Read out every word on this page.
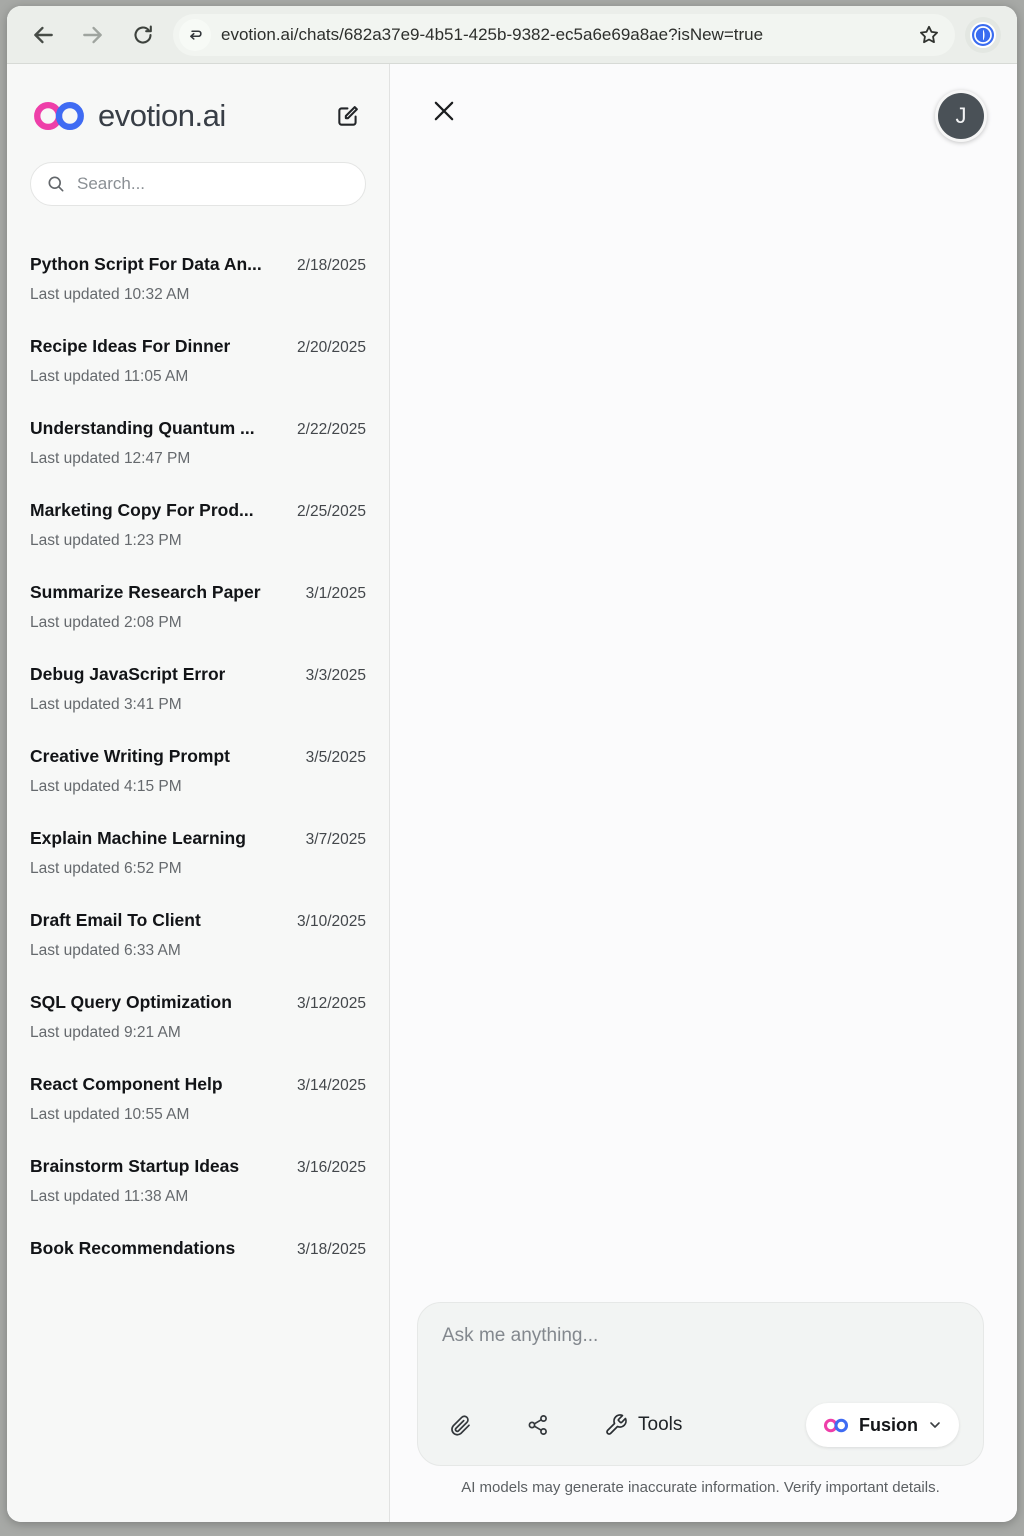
evotion.ai/chats/682a37e9-4b51-425b-9382-ec5a6e69a8ae?isNew=true
evotion.ai
Search...
Python Script For Data An... 2/18/2025
Last updated 10:32 AM
Recipe Ideas For Dinner	2/20/2025
Last updated 11:05 AM
Understanding Quantum ...	2/22/2025
Last updated 12:47 PM
Marketing Copy For Prod...	2/25/2025
Last updated 1:23 PM
Summarize Research Paper	3/1/2025
Last updated 2:08 PM
Debug JavaScript Error	3/3/2025
Last updated 3:41 PM
Creative Writing Prompt	3/5/2025
Last updated 4:15 PM
Explain Machine Learning	3/7/2025
Last updated 6:52 PM
Draft Email To Client	3/10/2025
Last updated 6:33 AM
SQL Query Optimization	3/12/2025
Last updated 9:21 AM
React Component Help	3/14/2025
Last updated 10:55 AM
Brainstorm Startup Ideas	3/16/2025
Last updated 11:38 AM
Book Recommendations	3/18/2025
J
Ask me anything...
Tools	Fusion
AI models may generate inaccurate information. Verify important details.
